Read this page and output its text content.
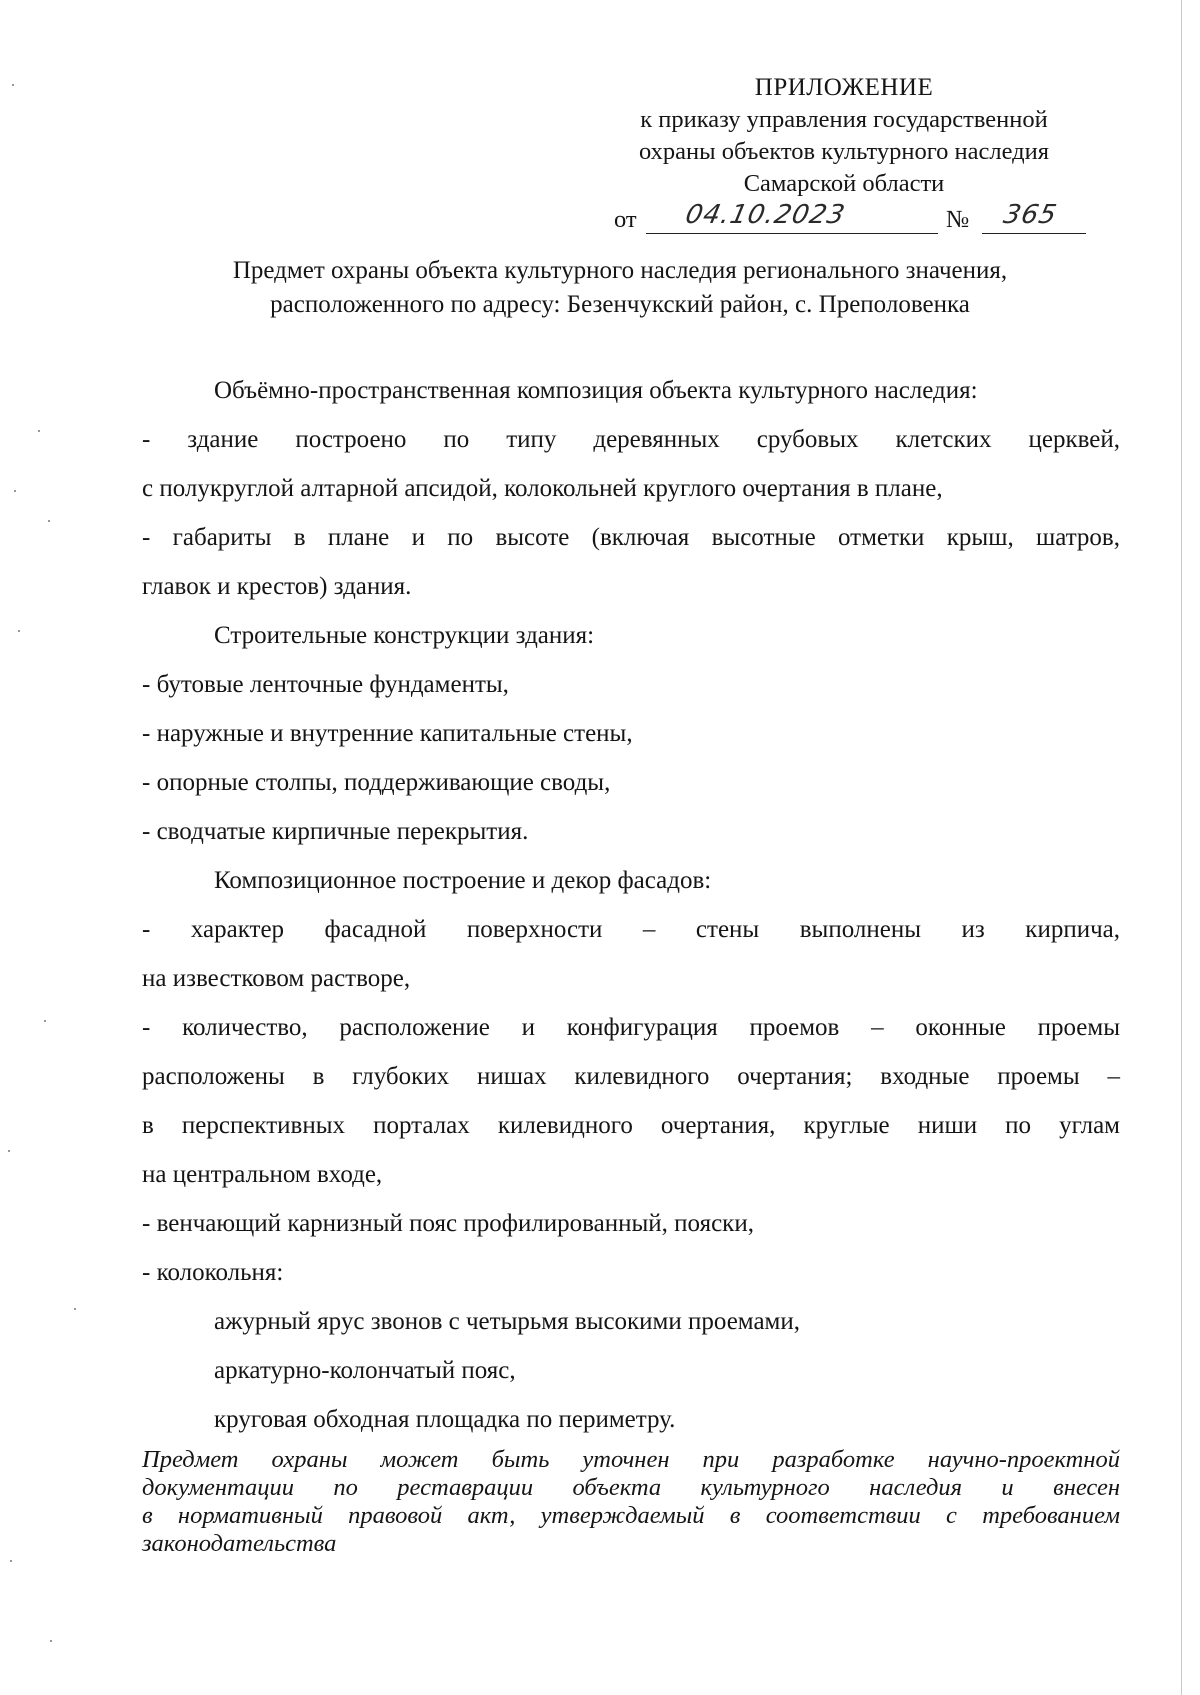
ПРИЛОЖЕНИЕ
к приказу управления государственной
охраны объектов культурного наследия
Самарской области
от 04.10.2023	№ 365
Предмет охраны объекта культурного наследия регионального значения,
расположенного по адресу: Безенчукский район, с. Преполовенка

Объёмно-пространственная композиция объекта культурного наследия:

- здание построено по типу деревянных срубовых клетских церквей,

с полукруглой алтарной апсидой, колокольней круглого очертания в плане,

- габариты в плане и по высоте (включая высотные отметки крыш, шатров,

главок и крестов) здания.

Строительные конструкции здания:

- бутовые ленточные фундаменты,

- наружные и внутренние капитальные стены,

- опорные столпы, поддерживающие своды,

- сводчатые кирпичные перекрытия.

Композиционное построение и декор фасадов:

- характер фасадной поверхности – стены выполнены из кирпича,

на известковом растворе,

- количество, расположение и конфигурация проемов – оконные проемы

расположены в глубоких нишах килевидного очертания; входные проемы –

в перспективных порталах килевидного очертания, круглые ниши по углам

на центральном входе,

- венчающий карнизный пояс профилированный, пояски,

- колокольня:

ажурный ярус звонов с четырьмя высокими проемами,

аркатурно-колончатый пояс,

круговая обходная площадка по периметру.

Предмет охраны может быть уточнен при разработке научно-проектной

документации по реставрации объекта культурного наследия и внесен

в нормативный правовой акт, утверждаемый в соответствии с требованием

законодательства
